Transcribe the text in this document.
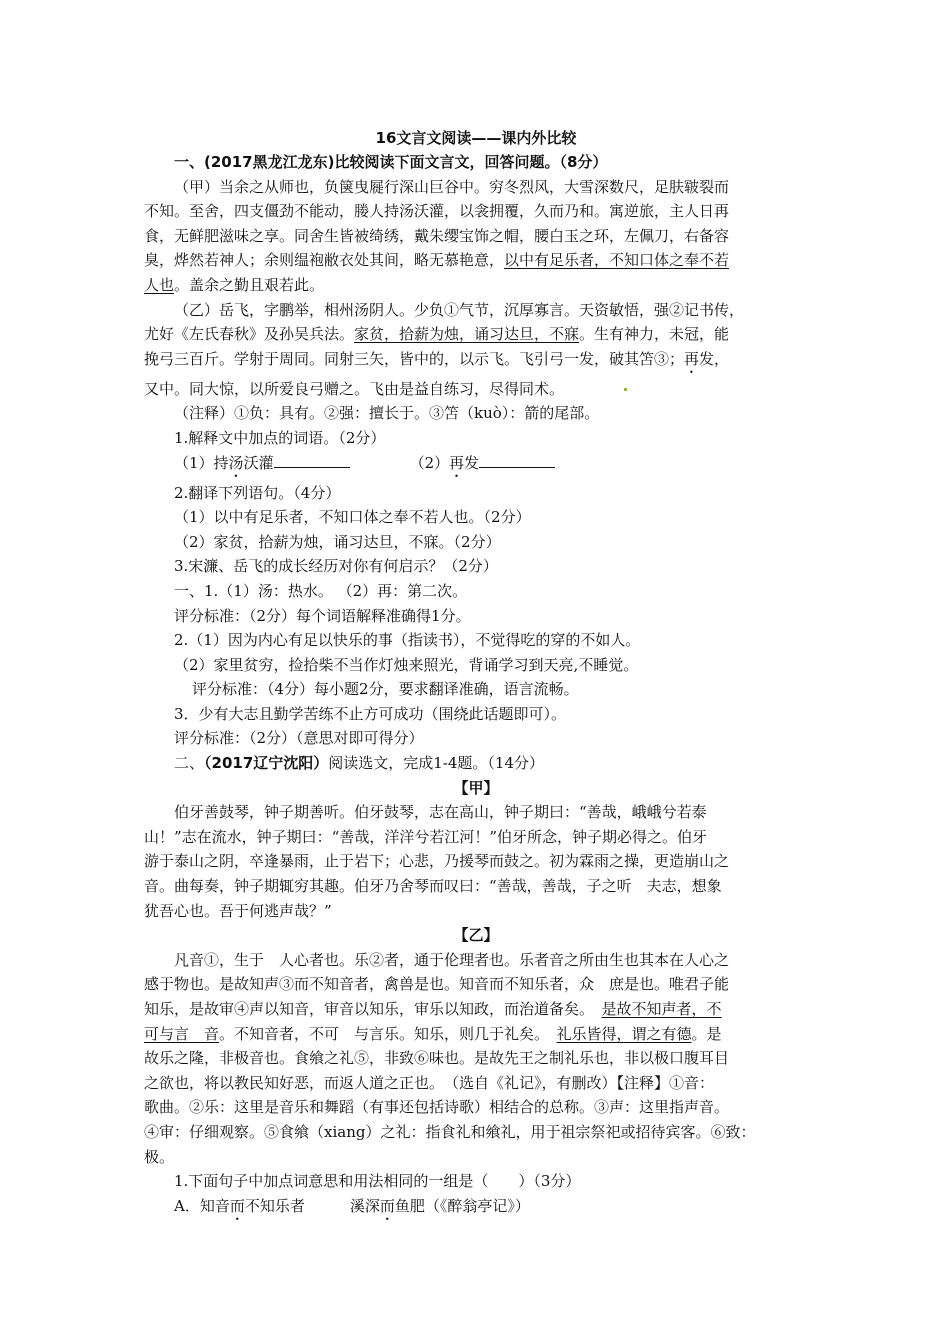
16文言文阅读——课内外比较
一、(2017黑龙江龙东)比较阅读下面文言文，回答问题。（8分）
（甲）当余之从师也，负箧曳屣行深山巨谷中。穷冬烈风，大雪深数尺，足肤皲裂而
不知。至舍，四支僵劲不能动，媵人持汤沃灌，以衾拥覆，久而乃和。寓逆旅，主人日再
食，无鲜肥滋味之享。同舍生皆被绮绣，戴朱缨宝饰之帽，腰白玉之环，左佩刀，右备容
臭，烨然若神人；余则缊袍敝衣处其间，略无慕艳意，以中有足乐者，不知口体之奉不若
人也。盖余之勤且艰若此。
（乙）岳飞，字鹏举，相州汤阴人。少负①气节，沉厚寡言。天资敏悟，强②记书传，
尤好《左氏春秋》及孙吴兵法。家贫，拾薪为烛，诵习达旦，不寐。生有神力，未冠，能
挽弓三百斤。学射于周同。同射三矢，皆中的，以示飞。飞引弓一发，破其笘③；再发，
又中。同大惊，以所爱良弓赠之。飞由是益自练习，尽得同术。
（注释）①负：具有。②强：擅长于。③笘（kuò）：箭的尾部。
1.解释文中加点的词语。（2分）
（1）持汤沃灌	（2）再发
2.翻译下列语句。（4分）
（1）以中有足乐者，不知口体之奉不若人也。（2分）
（2）家贫，拾薪为烛，诵习达旦，不寐。（2分）
3.宋濂、岳飞的成长经历对你有何启示？（2分）
一、1.（1）汤：热水。 （2）再：第二次。
评分标准：（2分）每个词语解释准确得1分。
2.（1）因为内心有足以快乐的事（指读书），不觉得吃的穿的不如人。
（2）家里贫穷，捡拾柴不当作灯烛来照光，背诵学习到天亮,不睡觉。
评分标准：（4分）每小题2分，要求翻译准确，语言流畅。
3．少有大志且勤学苦练不止方可成功（围绕此话题即可）。
评分标准：（2分）（意思对即可得分）
二、（2017辽宁沈阳）阅读选文，完成1-4题。（14分）
【甲】
伯牙善鼓琴，钟子期善听。伯牙鼓琴，志在高山，钟子期曰：“善哉，峨峨兮若泰
山！”志在流水，钟子期曰：“善哉，洋洋兮若江河！”伯牙所念，钟子期必得之。伯牙
游于泰山之阴，卒逢暴雨，止于岩下；心悲，乃援琴而鼓之。初为霖雨之操，更造崩山之
音。曲每奏，钟子期辄穷其趣。伯牙乃舍琴而叹曰：“善哉，善哉，子之听　夫志，想象
犹吾心也。吾于何逃声哉？”
【乙】
凡音①，生于　人心者也。乐②者，通于伦理者也。乐者音之所由生也其本在人心之
感于物也。是故知声③而不知音者，禽兽是也。知音而不知乐者，众　庶是也。唯君子能
知乐，是故审④声以知音，审音以知乐，审乐以知政，而治道备矣。　是故不知声者，不
可与言　音。不知音者，不可　与言乐。知乐，则几于礼矣。　礼乐皆得，谓之有德。是
故乐之隆，非极音也。食飨之礼⑤，非致⑥味也。是故先王之制礼乐也，非以极口腹耳目
之欲也，将以教民知好恶，而返人道之正也。　（选自《礼记》，有删改）【注释】①音：
歌曲。②乐：这里是音乐和舞蹈（有事还包括诗歌）相结合的总称。③声：这里指声音。
④审：仔细观察。⑤食飨（xiang）之礼：指食礼和飨礼，用于祖宗祭祀或招待宾客。⑥致：
极。
1.下面句子中加点词意思和用法相同的一组是（　　）（3分）
A．知音而不知乐者　　　溪深而鱼肥（《醉翁亭记》）
